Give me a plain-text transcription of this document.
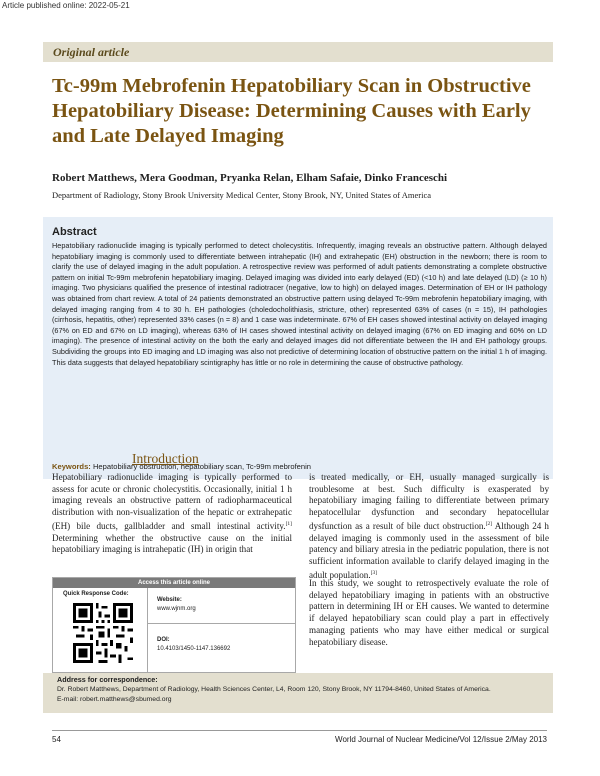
Article published online: 2022-05-21
Original article
Tc-99m Mebrofenin Hepatobiliary Scan in Obstructive Hepatobiliary Disease: Determining Causes with Early and Late Delayed Imaging
Robert Matthews, Mera Goodman, Pryanka Relan, Elham Safaie, Dinko Franceschi
Department of Radiology, Stony Brook University Medical Center, Stony Brook, NY, United States of America
Abstract

Hepatobiliary radionuclide imaging is typically performed to detect cholecystitis. Infrequently, imaging reveals an obstructive pattern. Although delayed hepatobiliary imaging is commonly used to differentiate between intrahepatic (IH) and extrahepatic (EH) obstruction in the newborn; there is room to clarify the use of delayed imaging in the adult population. A retrospective review was performed of adult patients demonstrating a complete obstructive pattern on initial Tc-99m mebrofenin hepatobiliary imaging. Delayed imaging was divided into early delayed (ED) (<10 h) and late delayed (LD) (≥ 10 h) imaging. Two physicians qualified the presence of intestinal radiotracer (negative, low to high) on delayed images. Determination of EH or IH pathology was obtained from chart review. A total of 24 patients demonstrated an obstructive pattern using delayed Tc-99m mebrofenin hepatobiliary imaging, with delayed imaging ranging from 4 to 30 h. EH pathologies (choledocholithiasis, stricture, other) represented 63% of cases (n = 15), IH pathologies (cirrhosis, hepatitis, other) represented 33% cases (n = 8) and 1 case was indeterminate. 67% of EH cases showed intestinal activity on delayed imaging (67% on ED and 67% on LD imaging), whereas 63% of IH cases showed intestinal activity on delayed imaging (67% on ED imaging and 60% on LD imaging). The presence of intestinal activity on the both the early and delayed images did not differentiate between the IH and EH pathology groups. Subdividing the groups into ED imaging and LD imaging was also not predictive of determining location of obstructive pattern on the initial 1 h of imaging. This data suggests that delayed hepatobiliary scintigraphy has little or no role in determining the cause of obstructive pathology.

Keywords: Hepatobiliary obstruction, hepatobiliary scan, Tc-99m mebrofenin
Introduction

Hepatobiliary radionuclide imaging is typically performed to assess for acute or chronic cholecystitis. Occasionally, initial 1 h imaging reveals an obstructive pattern of radiopharmaceutical distribution with non-visualization of the hepatic or extrahepatic (EH) bile ducts, gallbladder and small intestinal activity.[1] Determining whether the obstructive cause on the initial hepatobiliary imaging is intrahepatic (IH) in origin that

is treated medically, or EH, usually managed surgically is troublesome at best. Such difficulty is exasperated by hepatobiliary imaging failing to differentiate between primary hepatocellular dysfunction and secondary hepatocellular dysfunction as a result of bile duct obstruction.[2] Although 24 h delayed imaging is commonly used in the assessment of bile patency and biliary atresia in the pediatric population, there is not sufficient information available to clarify delayed imaging in the adult population.[3]

In this study, we sought to retrospectively evaluate the role of delayed hepatobiliary imaging in patients with an obstructive pattern in determining IH or EH causes. We wanted to determine if delayed hepatobiliary scan could play a part in effectively managing patients who may have either medical or surgical hepatobiliary disease.

Access this article online
Quick Response Code:
Website:
www.wjnm.org
DOI:
10.4103/1450-1147.136692
Address for correspondence:
Dr. Robert Matthews, Department of Radiology, Health Sciences Center, L4, Room 120, Stony Brook, NY 11794-8460, United States of America.
E-mail: robert.matthews@sbumed.org
54	World Journal of Nuclear Medicine/Vol 12/Issue 2/May 2013
